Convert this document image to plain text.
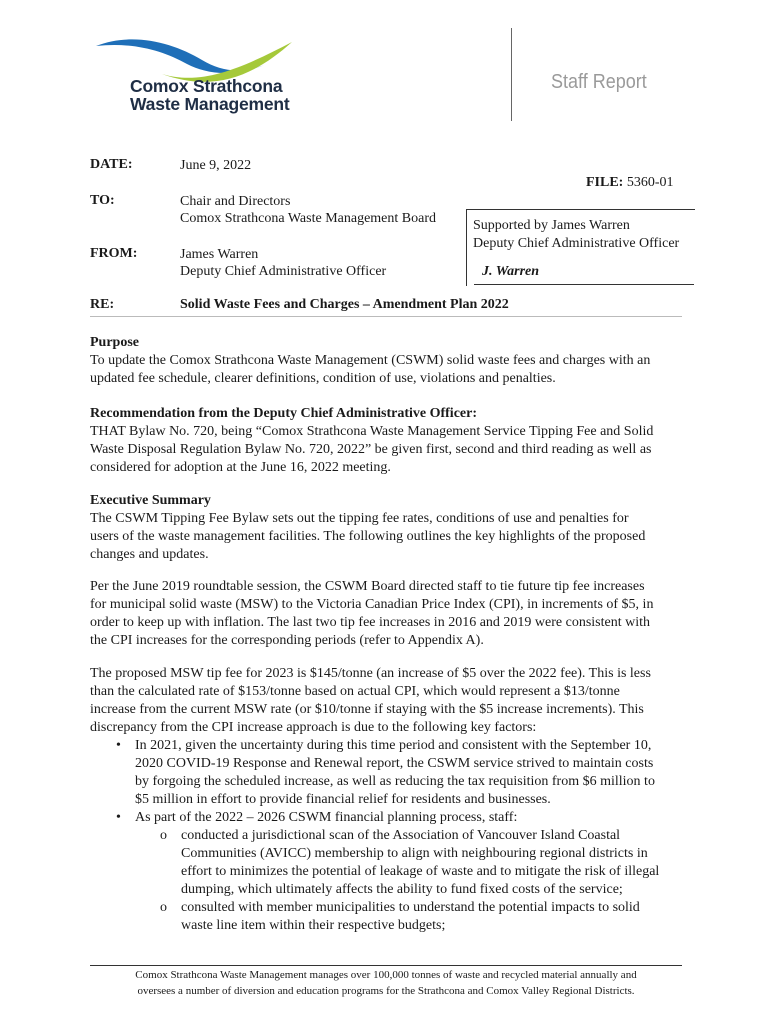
Comox Strathcona
Waste Management
Staff Report
DATE:	June 9, 2022
FILE: 5360-01
TO:	Chair and Directors
Comox Strathcona Waste Management Board
FROM:	James Warren
Deputy Chief Administrative Officer
Supported by James Warren
Deputy Chief Administrative Officer
J. Warren
RE:	Solid Waste Fees and Charges – Amendment Plan 2022
Purpose
To update the Comox Strathcona Waste Management (CSWM) solid waste fees and charges with an
updated fee schedule, clearer definitions, condition of use, violations and penalties.
Recommendation from the Deputy Chief Administrative Officer:
THAT Bylaw No. 720, being “Comox Strathcona Waste Management Service Tipping Fee and Solid
Waste Disposal Regulation Bylaw No. 720, 2022” be given first, second and third reading as well as
considered for adoption at the June 16, 2022 meeting.
Executive Summary
The CSWM Tipping Fee Bylaw sets out the tipping fee rates, conditions of use and penalties for
users of the waste management facilities. The following outlines the key highlights of the proposed
changes and updates.
Per the June 2019 roundtable session, the CSWM Board directed staff to tie future tip fee increases
for municipal solid waste (MSW) to the Victoria Canadian Price Index (CPI), in increments of $5, in
order to keep up with inflation. The last two tip fee increases in 2016 and 2019 were consistent with
the CPI increases for the corresponding periods (refer to Appendix A).
The proposed MSW tip fee for 2023 is $145/tonne (an increase of $5 over the 2022 fee). This is less
than the calculated rate of $153/tonne based on actual CPI, which would represent a $13/tonne
increase from the current MSW rate (or $10/tonne if staying with the $5 increase increments). This
discrepancy from the CPI increase approach is due to the following key factors:
• In 2021, given the uncertainty during this time period and consistent with the September 10,
2020 COVID-19 Response and Renewal report, the CSWM service strived to maintain costs
by forgoing the scheduled increase, as well as reducing the tax requisition from $6 million to
$5 million in effort to provide financial relief for residents and businesses.
• As part of the 2022 – 2026 CSWM financial planning process, staff:
o conducted a jurisdictional scan of the Association of Vancouver Island Coastal
Communities (AVICC) membership to align with neighbouring regional districts in
effort to minimizes the potential of leakage of waste and to mitigate the risk of illegal
dumping, which ultimately affects the ability to fund fixed costs of the service;
o consulted with member municipalities to understand the potential impacts to solid
waste line item within their respective budgets;
Comox Strathcona Waste Management manages over 100,000 tonnes of waste and recycled material annually and
oversees a number of diversion and education programs for the Strathcona and Comox Valley Regional Districts.
